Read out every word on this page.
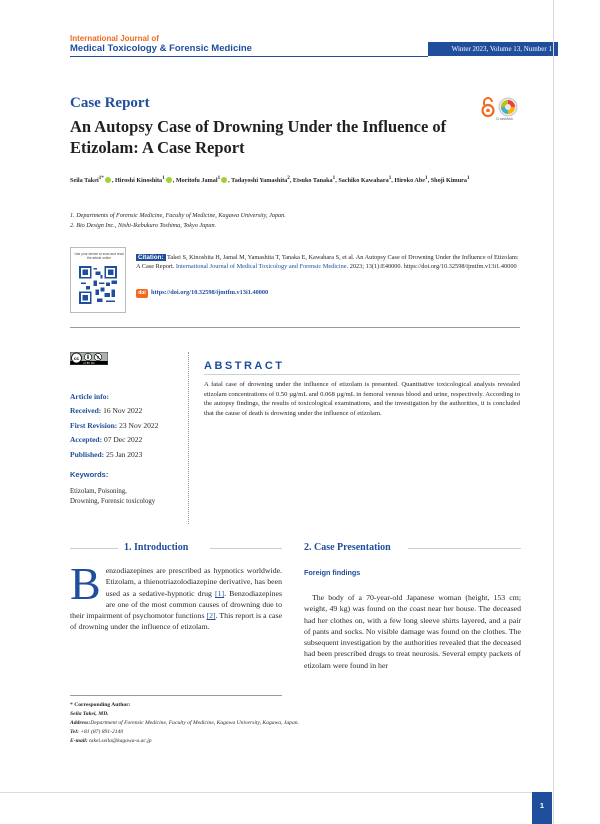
International Journal of
Medical Toxicology & Forensic Medicine	Winter 2023, Volume 13, Number 1
Case Report
An Autopsy Case of Drowning Under the Influence of Etizolam: A Case Report
CrossMark
Seila Takei$^{1*}$ , Hiroshi Kinoshita$^1$ , Moritofu Jamal$^1$ , Tadayoshi Yamashita$^2$, Etsuko Tanaka$^1$, Sachiko Kawahara$^1$, Hiroko Abe$^1$, Shoji Kimura$^1$
1. Departments of Forensic Medicine, Faculty of Medicine, Kagawa University, Japan.
2. Bio Design Inc., Nishi-Ikebukuro Toshima, Tokyo Japan.
Use your device to scan and read the article online	Citation: Takei S, Kinoshita H, Jamal M, Yamashita T, Tanaka E, Kawahara S, et al. An Autopsy Case of Drowning Under the Influence of Etizolam: A Case Report. International Journal of Medical Toxicology and Forensic Medicine. 2023; 13(1):E40000. https://doi.org/10.32598/ijmtfm.v13i1.40000
doi https://doi.org/10.32598/ijmtfm.v13i1.40000
cc
cc BY NC
Article info:
Received: 16 Nov 2022
First Revision: 23 Nov 2022
Accepted: 07 Dec 2022
Published: 25 Jan 2023
Keywords:
Etizolam, Poisoning,
Drowning, Forensic toxicology
ABSTRACT
A fatal case of drowning under the influence of etizolam is presented. Quantitative toxicological analysis revealed etizolam concentrations of 0.50 µg/mL and 0.068 µg/mL in femoral venous blood and urine, respectively. According to the autopsy findings, the results of toxicological examinations, and the investigation by the authorities, it is concluded that the cause of death is drowning under the influence of etizolam.
1. Introduction	2. Case Presentation
Benzodiazepines are prescribed as hypnotics worldwide. Etizolam, a thienotriazolodiazepine derivative, has been used as a sedative-hypnotic drug [1]. Benzodiazepines are one of the most common causes of drowning due to their impairment of psychomotor functions [2]. This report is a case of drowning under the influence of etizolam.
Foreign findings
The body of a 70-year-old Japanese woman (height, 153 cm; weight, 49 kg) was found on the coast near her house. The deceased had her clothes on, with a few long sleeve shirts layered, and a pair of pants and socks. No visible damage was found on the clothes. The subsequent investigation by the authorities revealed that the deceased had been prescribed drugs to treat neurosis. Several empty packets of etizolam were found in her
* Corresponding Author:
Seila Takei, MD.
Address:Department of Forensic Medicine, Faculty of Medicine, Kagawa University, Kagawa, Japan.
Tel: +81 (87) 891-2140
E-mail: takei.seila@kagawa-u.ac.jp
1
